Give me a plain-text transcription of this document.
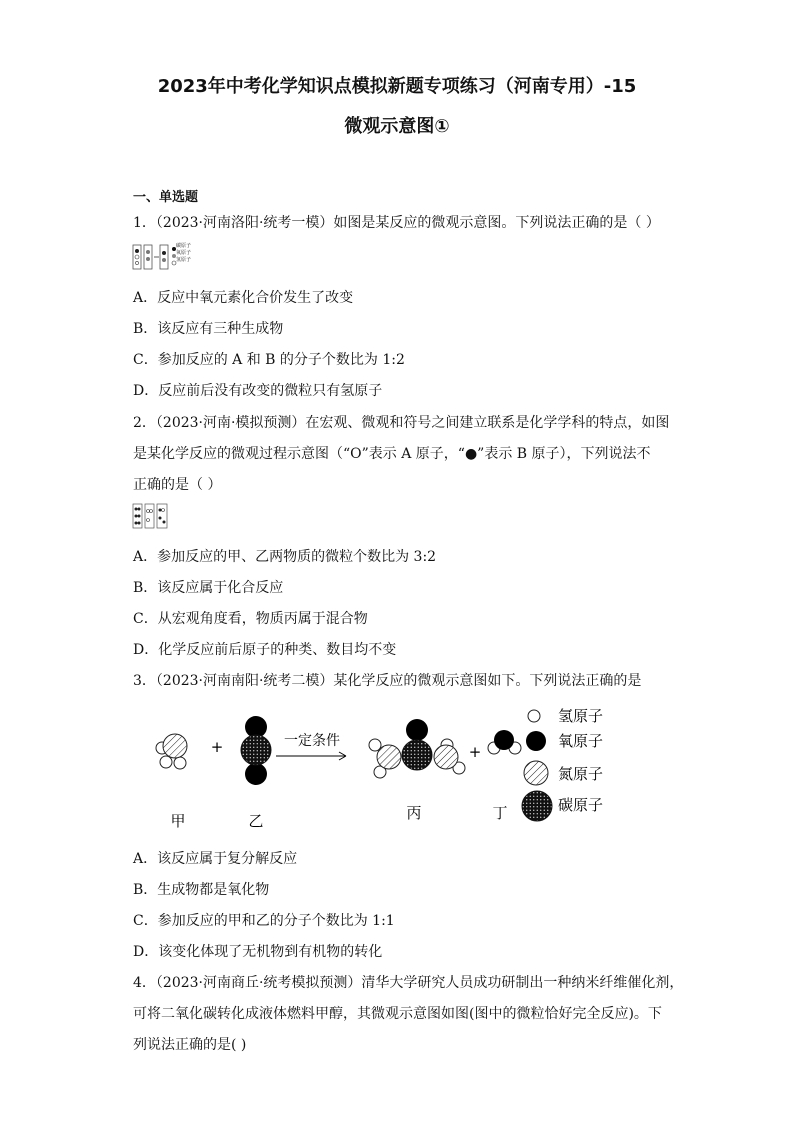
2023年中考化学知识点模拟新题专项练习（河南专用）-15
微观示意图①
一、单选题
1．（2023·河南洛阳·统考一模）如图是某反应的微观示意图。下列说法正确的是（ ）
碳原子
氧原子
氢原子
A．反应中氧元素化合价发生了改变
B．该反应有三种生成物
C．参加反应的 A 和 B 的分子个数比为 1:2
D．反应前后没有改变的微粒只有氢原子
2．（2023·河南·模拟预测）在宏观、微观和符号之间建立联系是化学学科的特点，如图
是某化学反应的微观过程示意图（“O”表示 A 原子，“●”表示 B 原子），下列说法不
正确的是（ ）
A．参加反应的甲、乙两物质的微粒个数比为 3:2
B．该反应属于化合反应
C．从宏观角度看，物质丙属于混合物
D．化学反应前后原子的种类、数目均不变
3．（2023·河南南阳·统考二模）某化学反应的微观示意图如下。下列说法正确的是
+	一定条件
+
甲	乙	丙	丁
氢原子
氧原子
氮原子
碳原子
A．该反应属于复分解反应
B．生成物都是氧化物
C．参加反应的甲和乙的分子个数比为 1:1
D．该变化体现了无机物到有机物的转化
4．（2023·河南商丘·统考模拟预测）清华大学研究人员成功研制出一种纳米纤维催化剂，
可将二氧化碳转化成液体燃料甲醇，其微观示意图如图(图中的微粒恰好完全反应)。下
列说法正确的是( )
